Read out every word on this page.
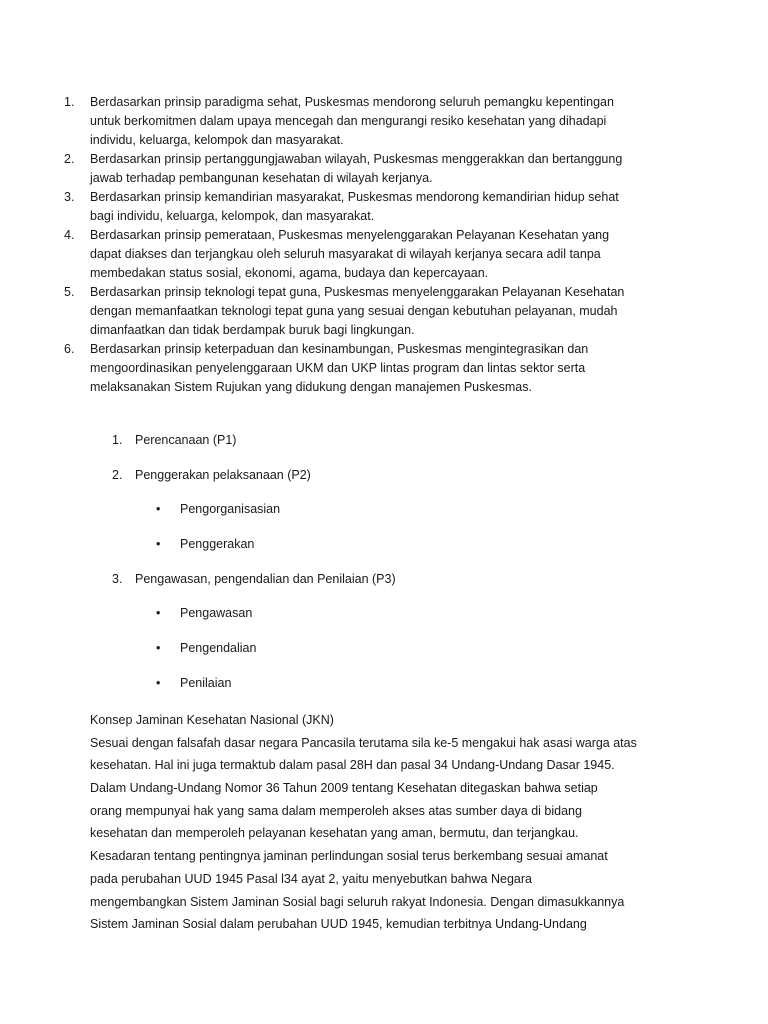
1.	Berdasarkan prinsip paradigma sehat, Puskesmas mendorong seluruh pemangku kepentingan
untuk berkomitmen dalam upaya mencegah dan mengurangi resiko kesehatan yang dihadapi
individu, keluarga, kelompok dan masyarakat.
2.	Berdasarkan prinsip pertanggungjawaban wilayah, Puskesmas menggerakkan dan bertanggung
jawab terhadap pembangunan kesehatan di wilayah kerjanya.
3.	Berdasarkan prinsip kemandirian masyarakat, Puskesmas mendorong kemandirian hidup sehat
bagi individu, keluarga, kelompok, dan masyarakat.
4.	Berdasarkan prinsip pemerataan, Puskesmas menyelenggarakan Pelayanan Kesehatan yang
dapat diakses dan terjangkau oleh seluruh masyarakat di wilayah kerjanya secara adil tanpa
membedakan status sosial, ekonomi, agama, budaya dan kepercayaan.
5.	Berdasarkan prinsip teknologi tepat guna, Puskesmas menyelenggarakan Pelayanan Kesehatan
dengan memanfaatkan teknologi tepat guna yang sesuai dengan kebutuhan pelayanan, mudah
dimanfaatkan dan tidak berdampak buruk bagi lingkungan.
6.	Berdasarkan prinsip keterpaduan dan kesinambungan, Puskesmas mengintegrasikan dan
mengoordinasikan penyelenggaraan UKM dan UKP lintas program dan lintas sektor serta
melaksanakan Sistem Rujukan yang didukung dengan manajemen Puskesmas.
1. Perencanaan (P1)
2. Penggerakan pelaksanaan (P2)
• Pengorganisasian
• Penggerakan
3. Pengawasan, pengendalian dan Penilaian (P3)
• Pengawasan
• Pengendalian
• Penilaian
Konsep Jaminan Kesehatan Nasional (JKN)
Sesuai dengan falsafah dasar negara Pancasila terutama sila ke-5 mengakui hak asasi warga atas
kesehatan. Hal ini juga termaktub dalam pasal 28H dan pasal 34 Undang-Undang Dasar 1945.
Dalam Undang-Undang Nomor 36 Tahun 2009 tentang Kesehatan ditegaskan bahwa setiap
orang mempunyai hak yang sama dalam memperoleh akses atas sumber daya di bidang
kesehatan dan memperoleh pelayanan kesehatan yang aman, bermutu, dan terjangkau.
Kesadaran tentang pentingnya jaminan perlindungan sosial terus berkembang sesuai amanat
pada perubahan UUD 1945 Pasal l34 ayat 2, yaitu menyebutkan bahwa Negara
mengembangkan Sistem Jaminan Sosial bagi seluruh rakyat Indonesia. Dengan dimasukkannya
Sistem Jaminan Sosial dalam perubahan UUD 1945, kemudian terbitnya Undang-Undang
